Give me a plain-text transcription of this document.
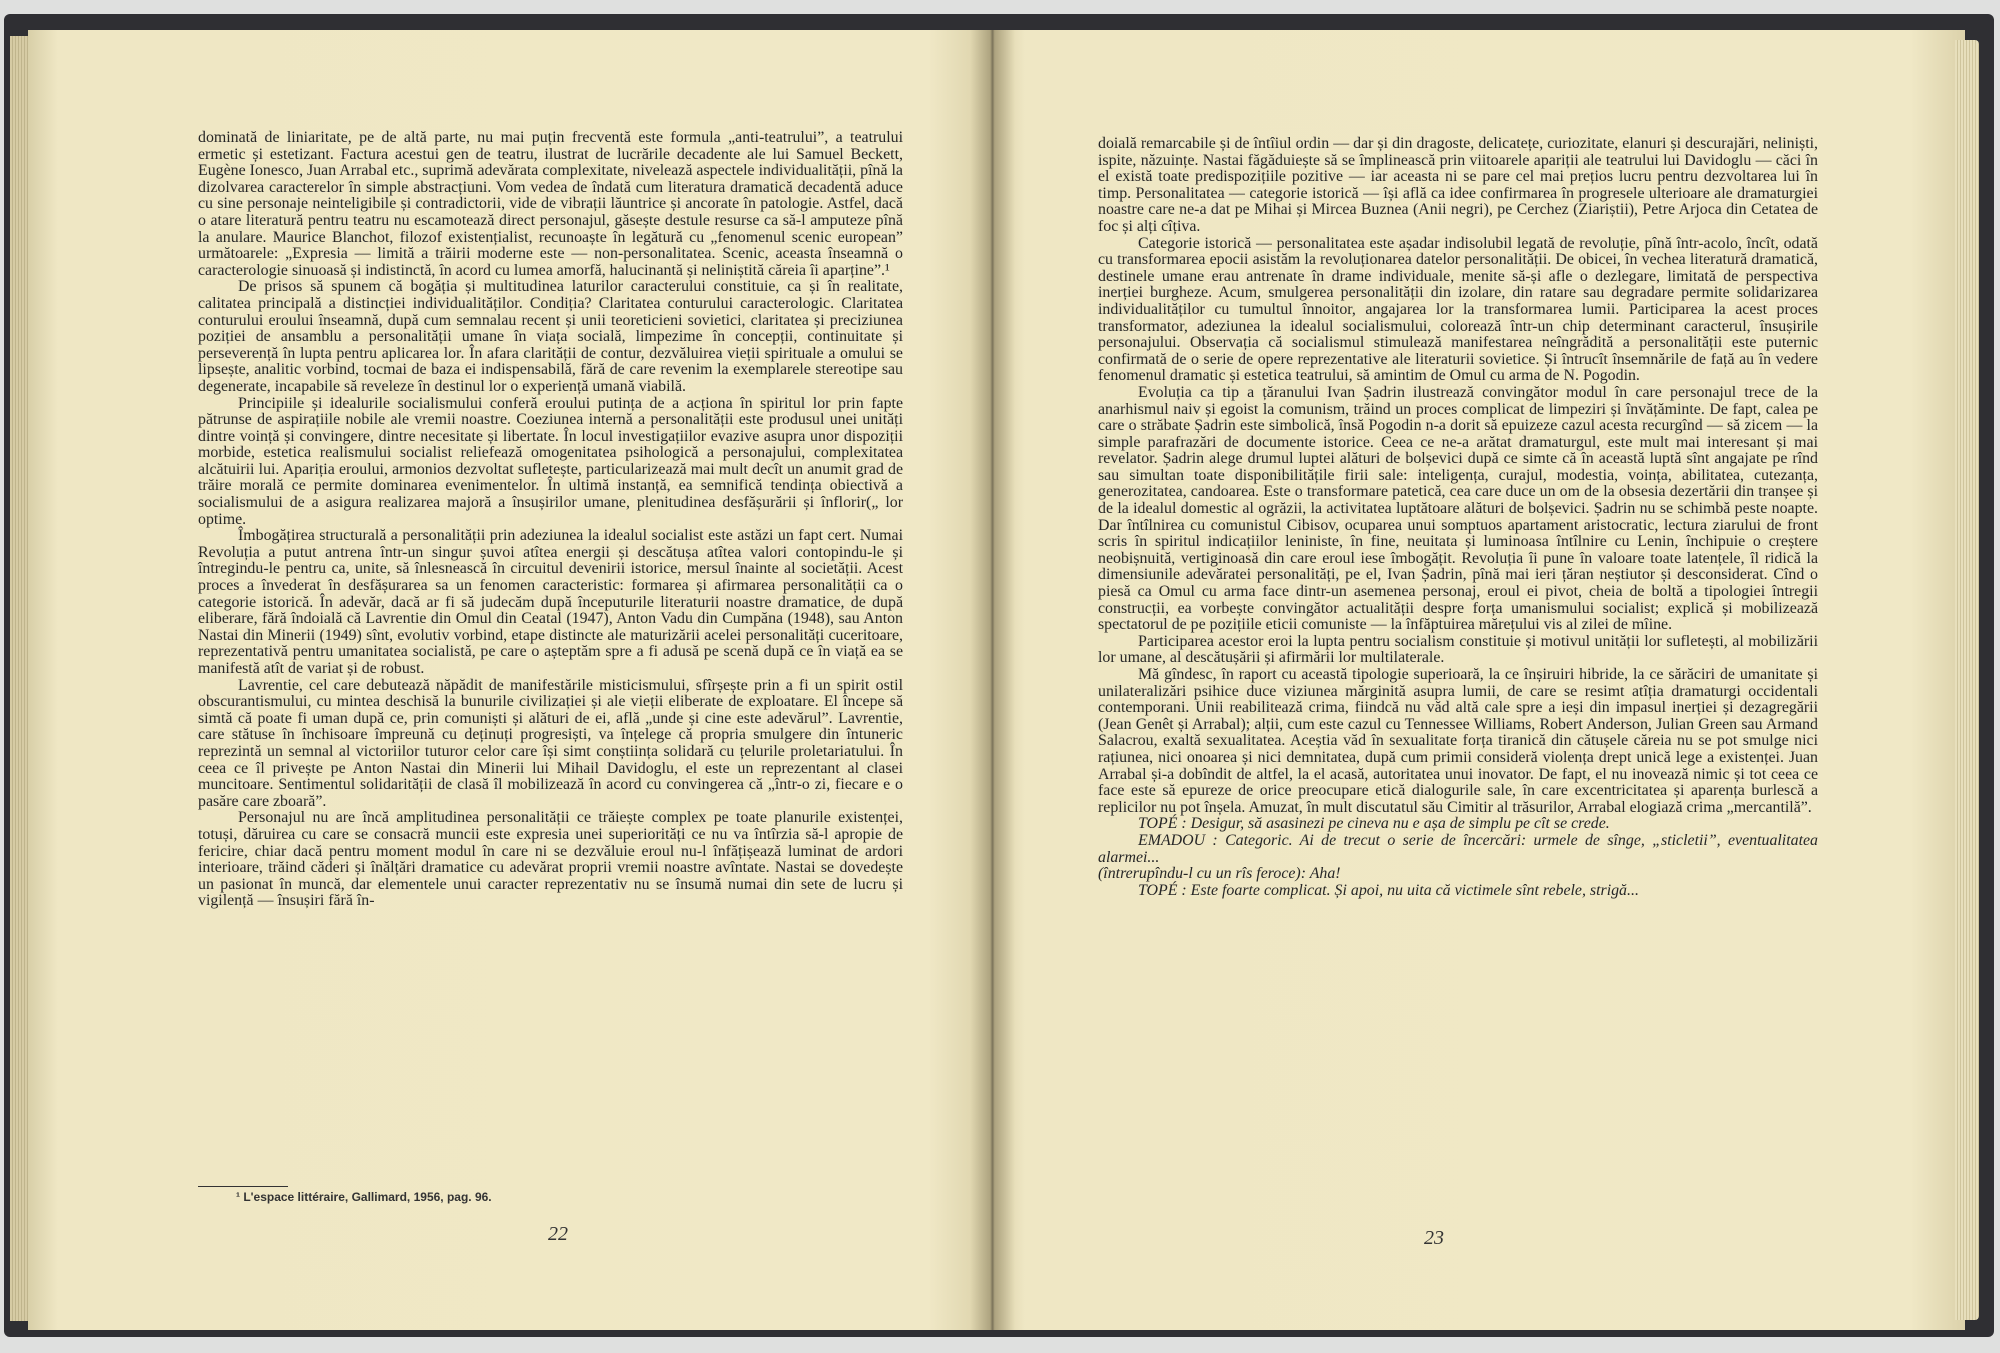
dominată de liniaritate, pe de altă parte, nu mai puțin frecventă este formula „anti-teatrului”, a teatrului ermetic și estetizant. Factura acestui gen de teatru, ilustrat de lucrările decadente ale lui Samuel Beckett, Eugène Ionesco, Juan Arrabal etc., suprimă adevărata complexitate, nivelează aspectele individualității, pînă la dizolvarea caracterelor în simple abstracțiuni. Vom vedea de îndată cum literatura dramatică decadentă aduce cu sine personaje neinteligibile și contradictorii, vide de vibrații lăuntrice și ancorate în patologie. Astfel, dacă o atare literatură pentru teatru nu escamotează direct personajul, găsește destule resurse ca să-l amputeze pînă la anulare. Maurice Blanchot, filozof existențialist, recunoaște în legătură cu „fenomenul scenic european” următoarele: „Expresia — limită a trăirii moderne este — non-personalitatea. Scenic, aceasta înseamnă o caracterologie sinuoasă și indistinctă, în acord cu lumea amorfă, halucinantă și neliniștită căreia îi aparține”.¹

De prisos să spunem că bogăția și multitudinea laturilor caracterului constituie, ca și în realitate, calitatea principală a distincției individualităților. Condiția? Claritatea conturului caracterologic. Claritatea conturului eroului înseamnă, după cum semnalau recent și unii teoreticieni sovietici, claritatea și preciziunea poziției de ansamblu a personalității umane în viața socială, limpezime în concepții, continuitate și perseverență în lupta pentru aplicarea lor. În afara clarității de contur, dezvăluirea vieții spirituale a omului se lipsește, analitic vorbind, tocmai de baza ei indispensabilă, fără de care revenim la exemplarele stereotipe sau degenerate, incapabile să reveleze în destinul lor o experiență umană viabilă.

Principiile și idealurile socialismului conferă eroului putința de a acționa în spiritul lor prin fapte pătrunse de aspirațiile nobile ale vremii noastre. Coeziunea internă a personalității este produsul unei unități dintre voință și convingere, dintre necesitate și libertate. În locul investigațiilor evazive asupra unor dispoziții morbide, estetica realismului socialist reliefează omogenitatea psihologică a personajului, complexitatea alcătuirii lui. Apariția eroului, armonios dezvoltat sufletește, particularizează mai mult decît un anumit grad de trăire morală ce permite dominarea evenimentelor. În ultimă instanță, ea semnifică tendința obiectivă a socialismului de a asigura realizarea majoră a însușirilor umane, plenitudinea desfășurării și înflorir(„ lor optime.

Îmbogățirea structurală a personalității prin adeziunea la idealul socialist este astăzi un fapt cert. Numai Revoluția a putut antrena într-un singur șuvoi atîtea energii și descătușa atîtea valori contopindu-le și întregindu-le pentru ca, unite, să înlesnească în circuitul devenirii istorice, mersul înainte al societății. Acest proces a învederat în desfășurarea sa un fenomen caracteristic: formarea și afirmarea personalității ca o categorie istorică. În adevăr, dacă ar fi să judecăm după începuturile literaturii noastre dramatice, de după eliberare, fără îndoială că Lavrentie din Omul din Ceatal (1947), Anton Vadu din Cumpăna (1948), sau Anton Nastai din Minerii (1949) sînt, evolutiv vorbind, etape distincte ale maturizării acelei personalități cuceritoare, reprezentativă pentru umanitatea socialistă, pe care o așteptăm spre a fi adusă pe scenă după ce în viață ea se manifestă atît de variat și de robust.

Lavrentie, cel care debutează năpădit de manifestările misticismului, sfîrșește prin a fi un spirit ostil obscurantismului, cu mintea deschisă la bunurile civilizației și ale vieții eliberate de exploatare. El începe să simtă că poate fi uman după ce, prin comuniști și alături de ei, află „unde și cine este adevărul”. Lavrentie, care stătuse în închisoare împreună cu deținuți progresiști, va înțelege că propria smulgere din întuneric reprezintă un semnal al victoriilor tuturor celor care își simt conștiința solidară cu țelurile proletariatului. În ceea ce îl privește pe Anton Nastai din Minerii lui Mihail Davidoglu, el este un reprezentant al clasei muncitoare. Sentimentul solidarității de clasă îl mobilizează în acord cu convingerea că „într-o zi, fiecare e o pasăre care zboară”.

Personajul nu are încă amplitudinea personalității ce trăiește complex pe toate planurile existenței, totuși, dăruirea cu care se consacră muncii este expresia unei superiorități ce nu va întîrzia să-l apropie de fericire, chiar dacă pentru moment modul în care ni se dezvăluie eroul nu-l înfățișează luminat de ardori interioare, trăind căderi și înălțări dramatice cu adevărat proprii vremii noastre avîntate. Nastai se dovedește un pasionat în muncă, dar elementele unui caracter reprezentativ nu se însumă numai din sete de lucru și vigilență — însușiri fără în-

¹ L'espace littéraire, Gallimard, 1956, pag. 96.
22

doială remarcabile și de întîiul ordin — dar și din dragoste, delicatețe, curiozitate, elanuri și descurajări, neliniști, ispite, năzuințe. Nastai făgăduiește să se împlinească prin viitoarele apariții ale teatrului lui Davidoglu — căci în el există toate predispozițiile pozitive — iar aceasta ni se pare cel mai prețios lucru pentru dezvoltarea lui în timp. Personalitatea — categorie istorică — își află ca idee confirmarea în progresele ulterioare ale dramaturgiei noastre care ne-a dat pe Mihai și Mircea Buznea (Anii negri), pe Cerchez (Ziariștii), Petre Arjoca din Cetatea de foc și alți cîțiva.

Categorie istorică — personalitatea este așadar indisolubil legată de revoluție, pînă într-acolo, încît, odată cu transformarea epocii asistăm la revoluționarea datelor personalității. De obicei, în vechea literatură dramatică, destinele umane erau antrenate în drame individuale, menite să-și afle o dezlegare, limitată de perspectiva inerției burgheze. Acum, smulgerea personalității din izolare, din ratare sau degradare permite solidarizarea individualităților cu tumultul înnoitor, angajarea lor la transformarea lumii. Participarea la acest proces transformator, adeziunea la idealul socialismului, colorează într-un chip determinant caracterul, însușirile personajului. Observația că socialismul stimulează manifestarea neîngrădită a personalității este puternic confirmată de o serie de opere reprezentative ale literaturii sovietice. Și întrucît însemnările de față au în vedere fenomenul dramatic și estetica teatrului, să amintim de Omul cu arma de N. Pogodin.

Evoluția ca tip a țăranului Ivan Șadrin ilustrează convingător modul în care personajul trece de la anarhismul naiv și egoist la comunism, trăind un proces complicat de limpeziri și învățăminte. De fapt, calea pe care o străbate Șadrin este simbolică, însă Pogodin n-a dorit să epuizeze cazul acesta recurgînd — să zicem — la simple parafrazări de documente istorice. Ceea ce ne-a arătat dramaturgul, este mult mai interesant și mai revelator. Șadrin alege drumul luptei alături de bolșevici după ce simte că în această luptă sînt angajate pe rînd sau simultan toate disponibilitățile firii sale: inteligența, curajul, modestia, voința, abilitatea, cutezanța, generozitatea, candoarea. Este o transformare patetică, cea care duce un om de la obsesia dezertării din tranșee și de la idealul domestic al ogrăzii, la activitatea luptătoare alături de bolșevici. Șadrin nu se schimbă peste noapte. Dar întîlnirea cu comunistul Cibisov, ocuparea unui somptuos apartament aristocratic, lectura ziarului de front scris în spiritul indicațiilor leniniste, în fine, neuitata și luminoasa întîlnire cu Lenin, închipuie o creștere neobișnuită, vertiginoasă din care eroul iese îmbogățit. Revoluția îi pune în valoare toate latențele, îl ridică la dimensiunile adevăratei personalități, pe el, Ivan Șadrin, pînă mai ieri țăran neștiutor și desconsiderat. Cînd o piesă ca Omul cu arma face dintr-un asemenea personaj, eroul ei pivot, cheia de boltă a tipologiei întregii construcții, ea vorbește convingător actualității despre forța umanismului socialist; explică și mobilizează spectatorul de pe pozițiile eticii comuniste — la înfăptuirea mărețului vis al zilei de mîine.

Participarea acestor eroi la lupta pentru socialism constituie și motivul unității lor sufletești, al mobilizării lor umane, al descătușării și afirmării lor multilaterale.

Mă gîndesc, în raport cu această tipologie superioară, la ce înșiruiri hibride, la ce sărăciri de umanitate și unilateralizări psihice duce viziunea mărginită asupra lumii, de care se resimt atîția dramaturgi occidentali contemporani. Unii reabilitează crima, fiindcă nu văd altă cale spre a ieși din impasul inerției și dezagregării (Jean Genêt și Arrabal); alții, cum este cazul cu Tennessee Williams, Robert Anderson, Julian Green sau Armand Salacrou, exaltă sexualitatea. Aceștia văd în sexualitate forța tiranică din cătușele căreia nu se pot smulge nici rațiunea, nici onoarea și nici demnitatea, după cum primii consideră violența drept unică lege a existenței. Juan Arrabal și-a dobîndit de altfel, la el acasă, autoritatea unui inovator. De fapt, el nu inovează nimic și tot ceea ce face este să epureze de orice preocupare etică dialogurile sale, în care excentricitatea și aparența burlescă a replicilor nu pot înșela. Amuzat, în mult discutatul său Cimitir al trăsurilor, Arrabal elogiază crima „mercantilă”.

TOPÉ : Desigur, să asasinezi pe cineva nu e așa de simplu pe cît se crede.

EMADOU : Categoric. Ai de trecut o serie de încercări: urmele de sînge, „sticletii”, eventualitatea alarmei...

(întrerupîndu-l cu un rîs feroce): Aha!

TOPÉ : Este foarte complicat. Și apoi, nu uita că victimele sînt rebele, strigă...

23
